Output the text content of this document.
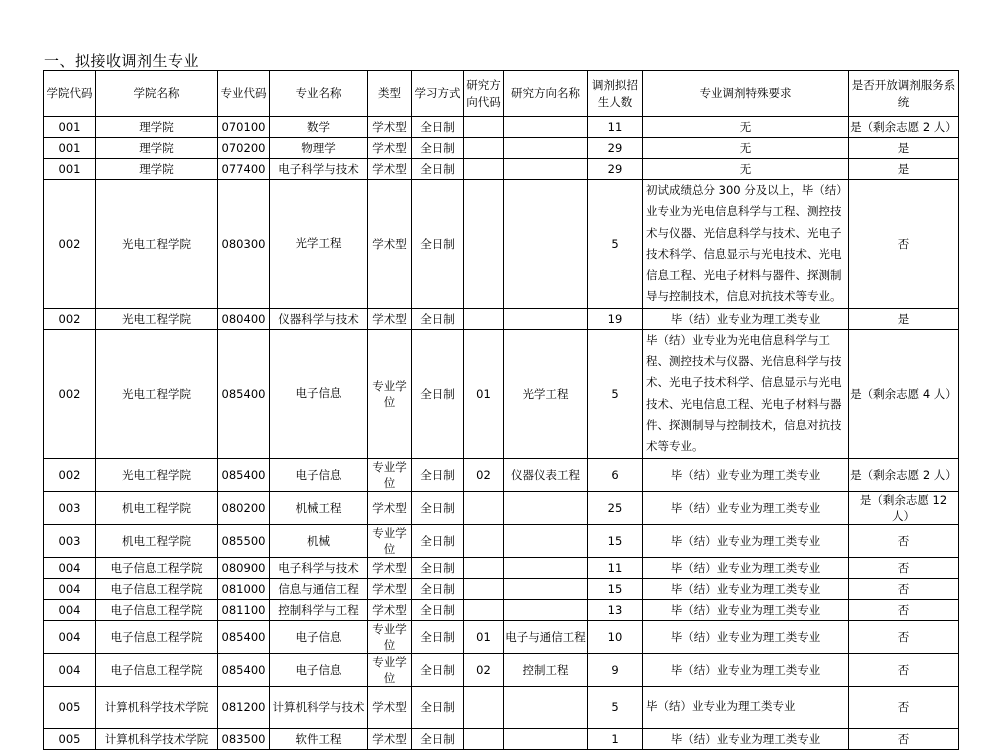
一、拟接收调剂生专业
学院代码	学院名称	专业代码	专业名称	类型	学习方式	研究方向代码	研究方向名称	调剂拟招生人数	专业调剂特殊要求	是否开放调剂服务系统
001	理学院	070100	数学	学术型	全日制			11	无	是（剩余志愿 2 人）
001	理学院	070200	物理学	学术型	全日制			29	无	是
001	理学院	077400	电子科学与技术	学术型	全日制			29	无	是
002	光电工程学院	080300	光学工程	学术型	全日制			5	初试成绩总分 300 分及以上，毕（结）业专业为光电信息科学与工程、测控技术与仪器、光信息科学与技术、光电子技术科学、信息显示与光电技术、光电信息工程、光电子材料与器件、探测制导与控制技术，信息对抗技术等专业。	否
002	光电工程学院	080400	仪器科学与技术	学术型	全日制			19	毕（结）业专业为理工类专业	是
002	光电工程学院	085400	电子信息	专业学位	全日制	01	光学工程	5	毕（结）业专业为光电信息科学与工程、测控技术与仪器、光信息科学与技术、光电子技术科学、信息显示与光电技术、光电信息工程、光电子材料与器件、探测制导与控制技术，信息对抗技术等专业。	是（剩余志愿 4 人）
002	光电工程学院	085400	电子信息	专业学位	全日制	02	仪器仪表工程	6	毕（结）业专业为理工类专业	是（剩余志愿 2 人）
003	机电工程学院	080200	机械工程	学术型	全日制			25	毕（结）业专业为理工类专业	是（剩余志愿 12 人）
003	机电工程学院	085500	机械	专业学位	全日制			15	毕（结）业专业为理工类专业	否
004	电子信息工程学院	080900	电子科学与技术	学术型	全日制			11	毕（结）业专业为理工类专业	否
004	电子信息工程学院	081000	信息与通信工程	学术型	全日制			15	毕（结）业专业为理工类专业	否
004	电子信息工程学院	081100	控制科学与工程	学术型	全日制			13	毕（结）业专业为理工类专业	否
004	电子信息工程学院	085400	电子信息	专业学位	全日制	01	电子与通信工程	10	毕（结）业专业为理工类专业	否
004	电子信息工程学院	085400	电子信息	专业学位	全日制	02	控制工程	9	毕（结）业专业为理工类专业	否
005	计算机科学技术学院	081200	计算机科学与技术	学术型	全日制			5	毕（结）业专业为理工类专业	否
005	计算机科学技术学院	083500	软件工程	学术型	全日制			1	毕（结）业专业为理工类专业	否
